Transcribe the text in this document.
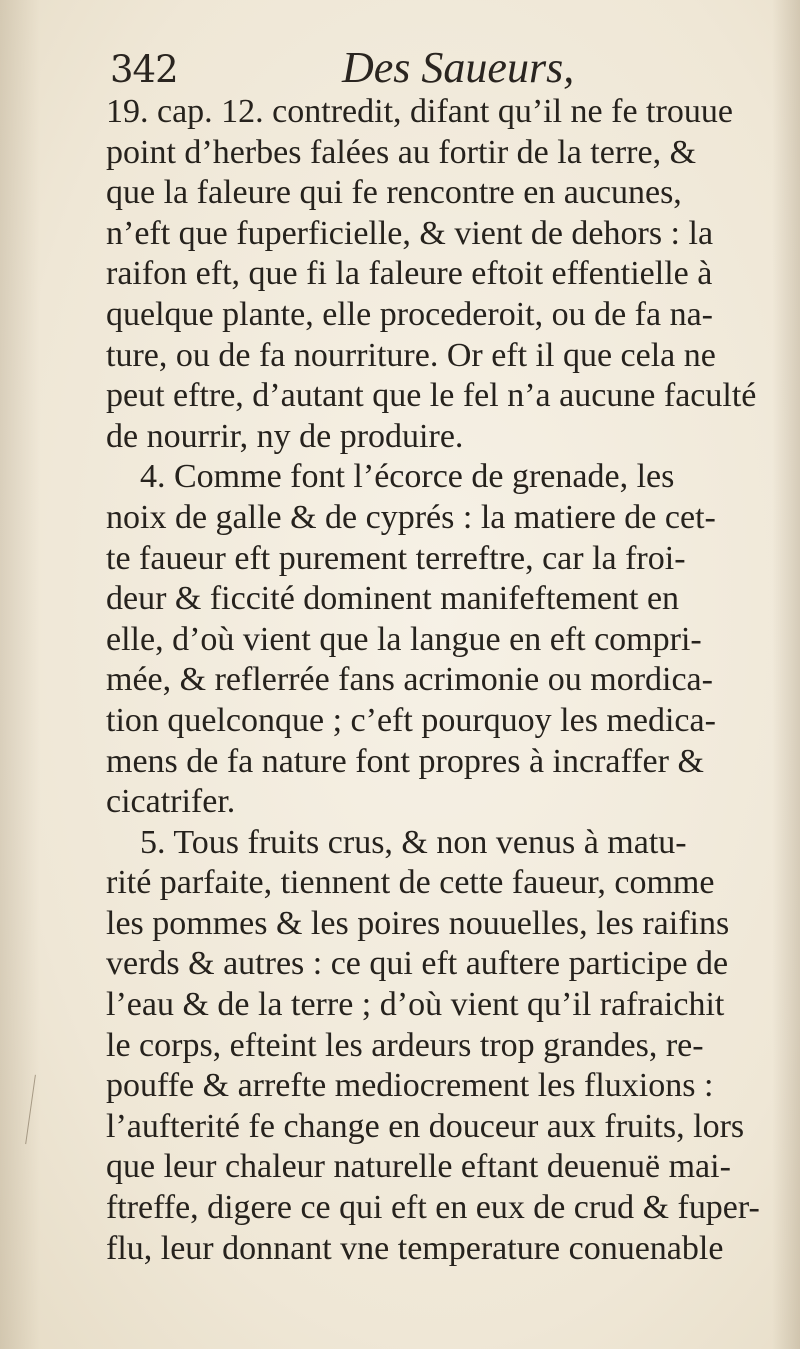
342	Des Saueurs,
19. cap. 12. contredit, difant qu’il ne fe trouue
point d’herbes falées au fortir de la terre, &
que la faleure qui fe rencontre en aucunes,
n’eft que fuperficielle, & vient de dehors : la
raifon eft, que fi la faleure eftoit effentielle à
quelque plante, elle procederoit, ou de fa na-
ture, ou de fa nourriture. Or eft il que cela ne
peut eftre, d’autant que le fel n’a aucune faculté
de nourrir, ny de produire.
4. Comme font l’écorce de grenade, les
noix de galle & de cyprés : la matiere de cet-
te faueur eft purement terreftre, car la froi-
deur & ficcité dominent manifeftement en
elle, d’où vient que la langue en eft compri-
mée, & reflerrée fans acrimonie ou mordica-
tion quelconque ; c’eft pourquoy les medica-
mens de fa nature font propres à incraffer &
cicatrifer.
5. Tous fruits crus, & non venus à matu-
rité parfaite, tiennent de cette faueur, comme
les pommes & les poires nouuelles, les raifins
verds & autres : ce qui eft auftere participe de
l’eau & de la terre ; d’où vient qu’il rafraichit
le corps, efteint les ardeurs trop grandes, re-
pouffe & arrefte mediocrement les fluxions :
l’aufterité fe change en douceur aux fruits, lors
que leur chaleur naturelle eftant deuenuë mai-
ftreffe, digere ce qui eft en eux de crud & fuper-
flu, leur donnant vne temperature conuenable
